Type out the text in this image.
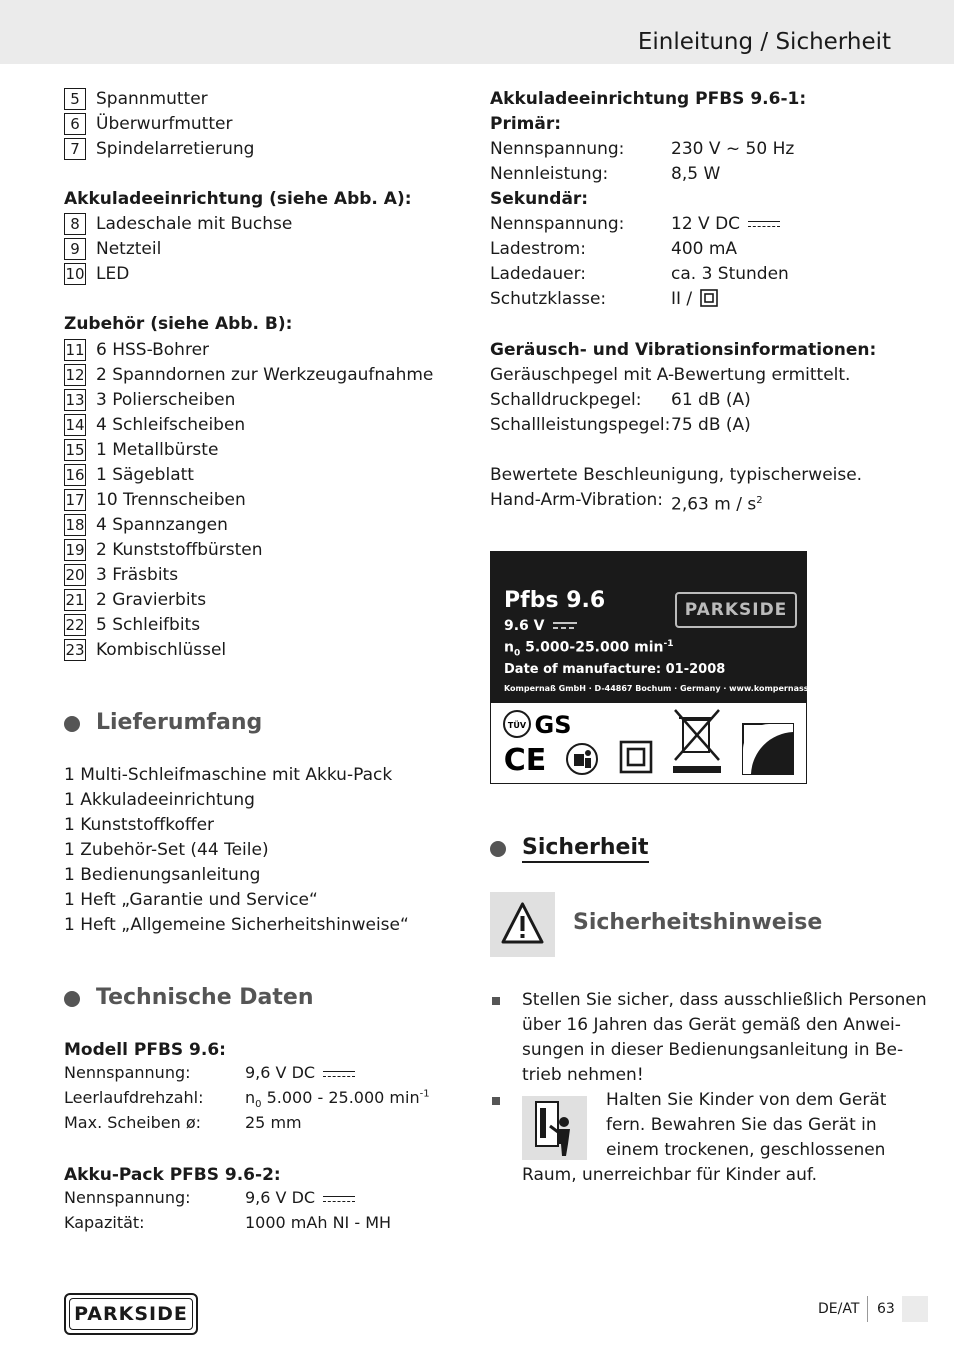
Einleitung / Sicherheit
5 Spannmutter
6 Überwurfmutter
7 Spindelarretierung
Akkuladeeinrichtung (siehe Abb. A):
8 Ladeschale mit Buchse
9 Netzteil
10 LED
Zubehör (siehe Abb. B):
11 6 HSS-Bohrer
12 2 Spanndornen zur Werkzeugaufnahme
13 3 Polierscheiben
14 4 Schleifscheiben
15 1 Metallbürste
16 1 Sägeblatt
17 10 Trennscheiben
18 4 Spannzangen
19 2 Kunststoffbürsten
20 3 Fräsbits
21 2 Gravierbits
22 5 Schleifbits
23 Kombischlüssel
Lieferumfang
1 Multi-Schleifmaschine mit Akku-Pack
1 Akkuladeeinrichtung
1 Kunststoffkoffer
1 Zubehör-Set (44 Teile)
1 Bedienungsanleitung
1 Heft „Garantie und Service“
1 Heft „Allgemeine Sicherheitshinweise“
Technische Daten
Modell PFBS 9.6:
Nennspannung:	9,6 V DC
Leerlaufdrehzahl:	$n_0$ 5.000 - 25.000 $\min^{-1}$
Max. Scheiben ø:	25 mm
Akku-Pack PFBS 9.6-2:
Nennspannung:	9,6 V DC
Kapazität:	1000 mAh NI - MH
Akkuladeeinrichtung PFBS 9.6-1:
Primär:
Nennspannung:	230 V ~ 50 Hz
Nennleistung:	8,5 W
Sekundär:
Nennspannung:	12 V DC
Ladestrom:	400 mA
Ladedauer:	ca. 3 Stunden
Schutzklasse:	II /
Geräusch- und Vibrationsinformationen:
Geräuschpegel mit A-Bewertung ermittelt.
Schalldruckpegel: 61 dB (A)
Schallleistungspegel: 75 dB (A)
Bewertete Beschleunigung, typischerweise.
Hand-Arm-Vibration: 2,63 m / $s^2$
Pfbs 9.6	PARKSIDE
9.6 V
$n_0$ 5.000-25.000 $\min^{-1}$
Date of manufacture: 01-2008
Kompernaß GmbH · D-44867 Bochum · Germany · www.kompernass.com
TÜV GS
CE
Sicherheit
Sicherheitshinweise
Stellen Sie sicher, dass ausschließlich Personen
über 16 Jahren das Gerät gemäß den Anwei-
sungen in dieser Bedienungsanleitung in Be-
trieb nehmen!
Halten Sie Kinder von dem Gerät
fern. Bewahren Sie das Gerät in
einem trockenen, geschlossenen
Raum, unerreichbar für Kinder auf.
PARKSIDE	DE/AT 63
